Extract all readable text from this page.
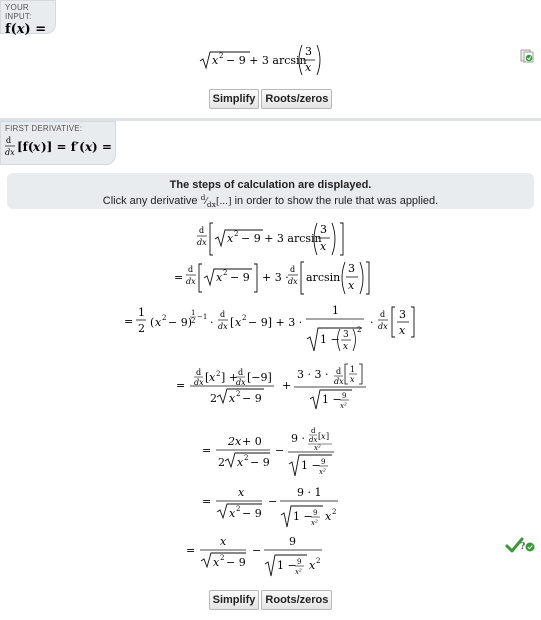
YOUR INPUT:
f(x) =
x 2 − 9 + 3 arcsin
3
x
Simplify Roots/zeros
FIRST DERIVATIVE:
d
dx [f( x )] = f′( x ) =
The steps of calculation are displayed.
Click any derivative $^d⁄_{dx}[...]$ in order to show the rule that was applied.
d
dx x 2 − 9 + 3 arcsin
3
x
=
d
dx x 2 − 9 + 3 ·
d
dx arcsin
3
x
=
1
2 ( x 2 − 9)
1
2 −1 ·
d
dx [ x 2 − 9] + 3 ·
1
1 − 3
x
2
·
d
dx
3
x
=
d
dx [ x 2 ] + d
dx [−9]
2 x 2 − 9
+
3 · 3 · d
dx
1
x
1 − 9
x²
=
2x + 0
2 x 2 − 9
−
9 ·
d
dx [ x ]
x²
1 − 9
x²
=
x
x 2 − 9
−
9 · 1
1 − 9
x² x 2
=
x
x 2 − 9
−
9
1 − 9
x² x 2
?
Simplify Roots/zeros
